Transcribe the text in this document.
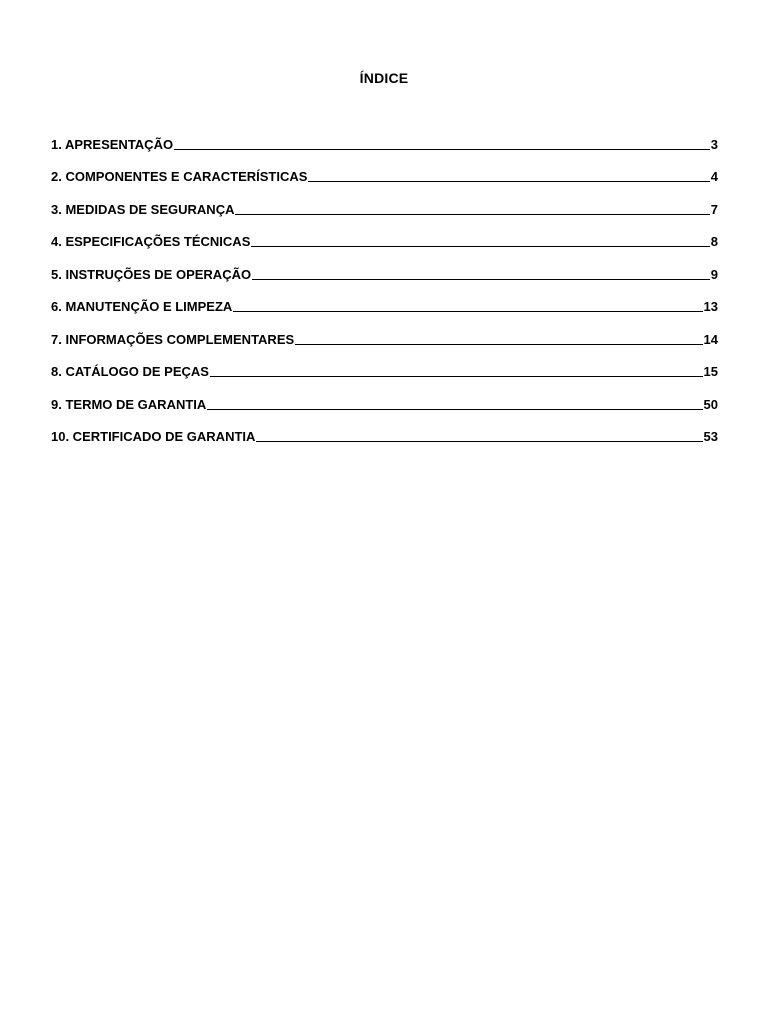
ÍNDICE
1. APRESENTAÇÃO	3
2. COMPONENTES E CARACTERÍSTICAS	4
3. MEDIDAS DE SEGURANÇA	7
4. ESPECIFICAÇÕES TÉCNICAS	8
5. INSTRUÇÕES DE OPERAÇÃO	9
6. MANUTENÇÃO E LIMPEZA	13
7. INFORMAÇÕES COMPLEMENTARES	14
8. CATÁLOGO DE PEÇAS	15
9. TERMO DE GARANTIA	50
10. CERTIFICADO DE GARANTIA	53
